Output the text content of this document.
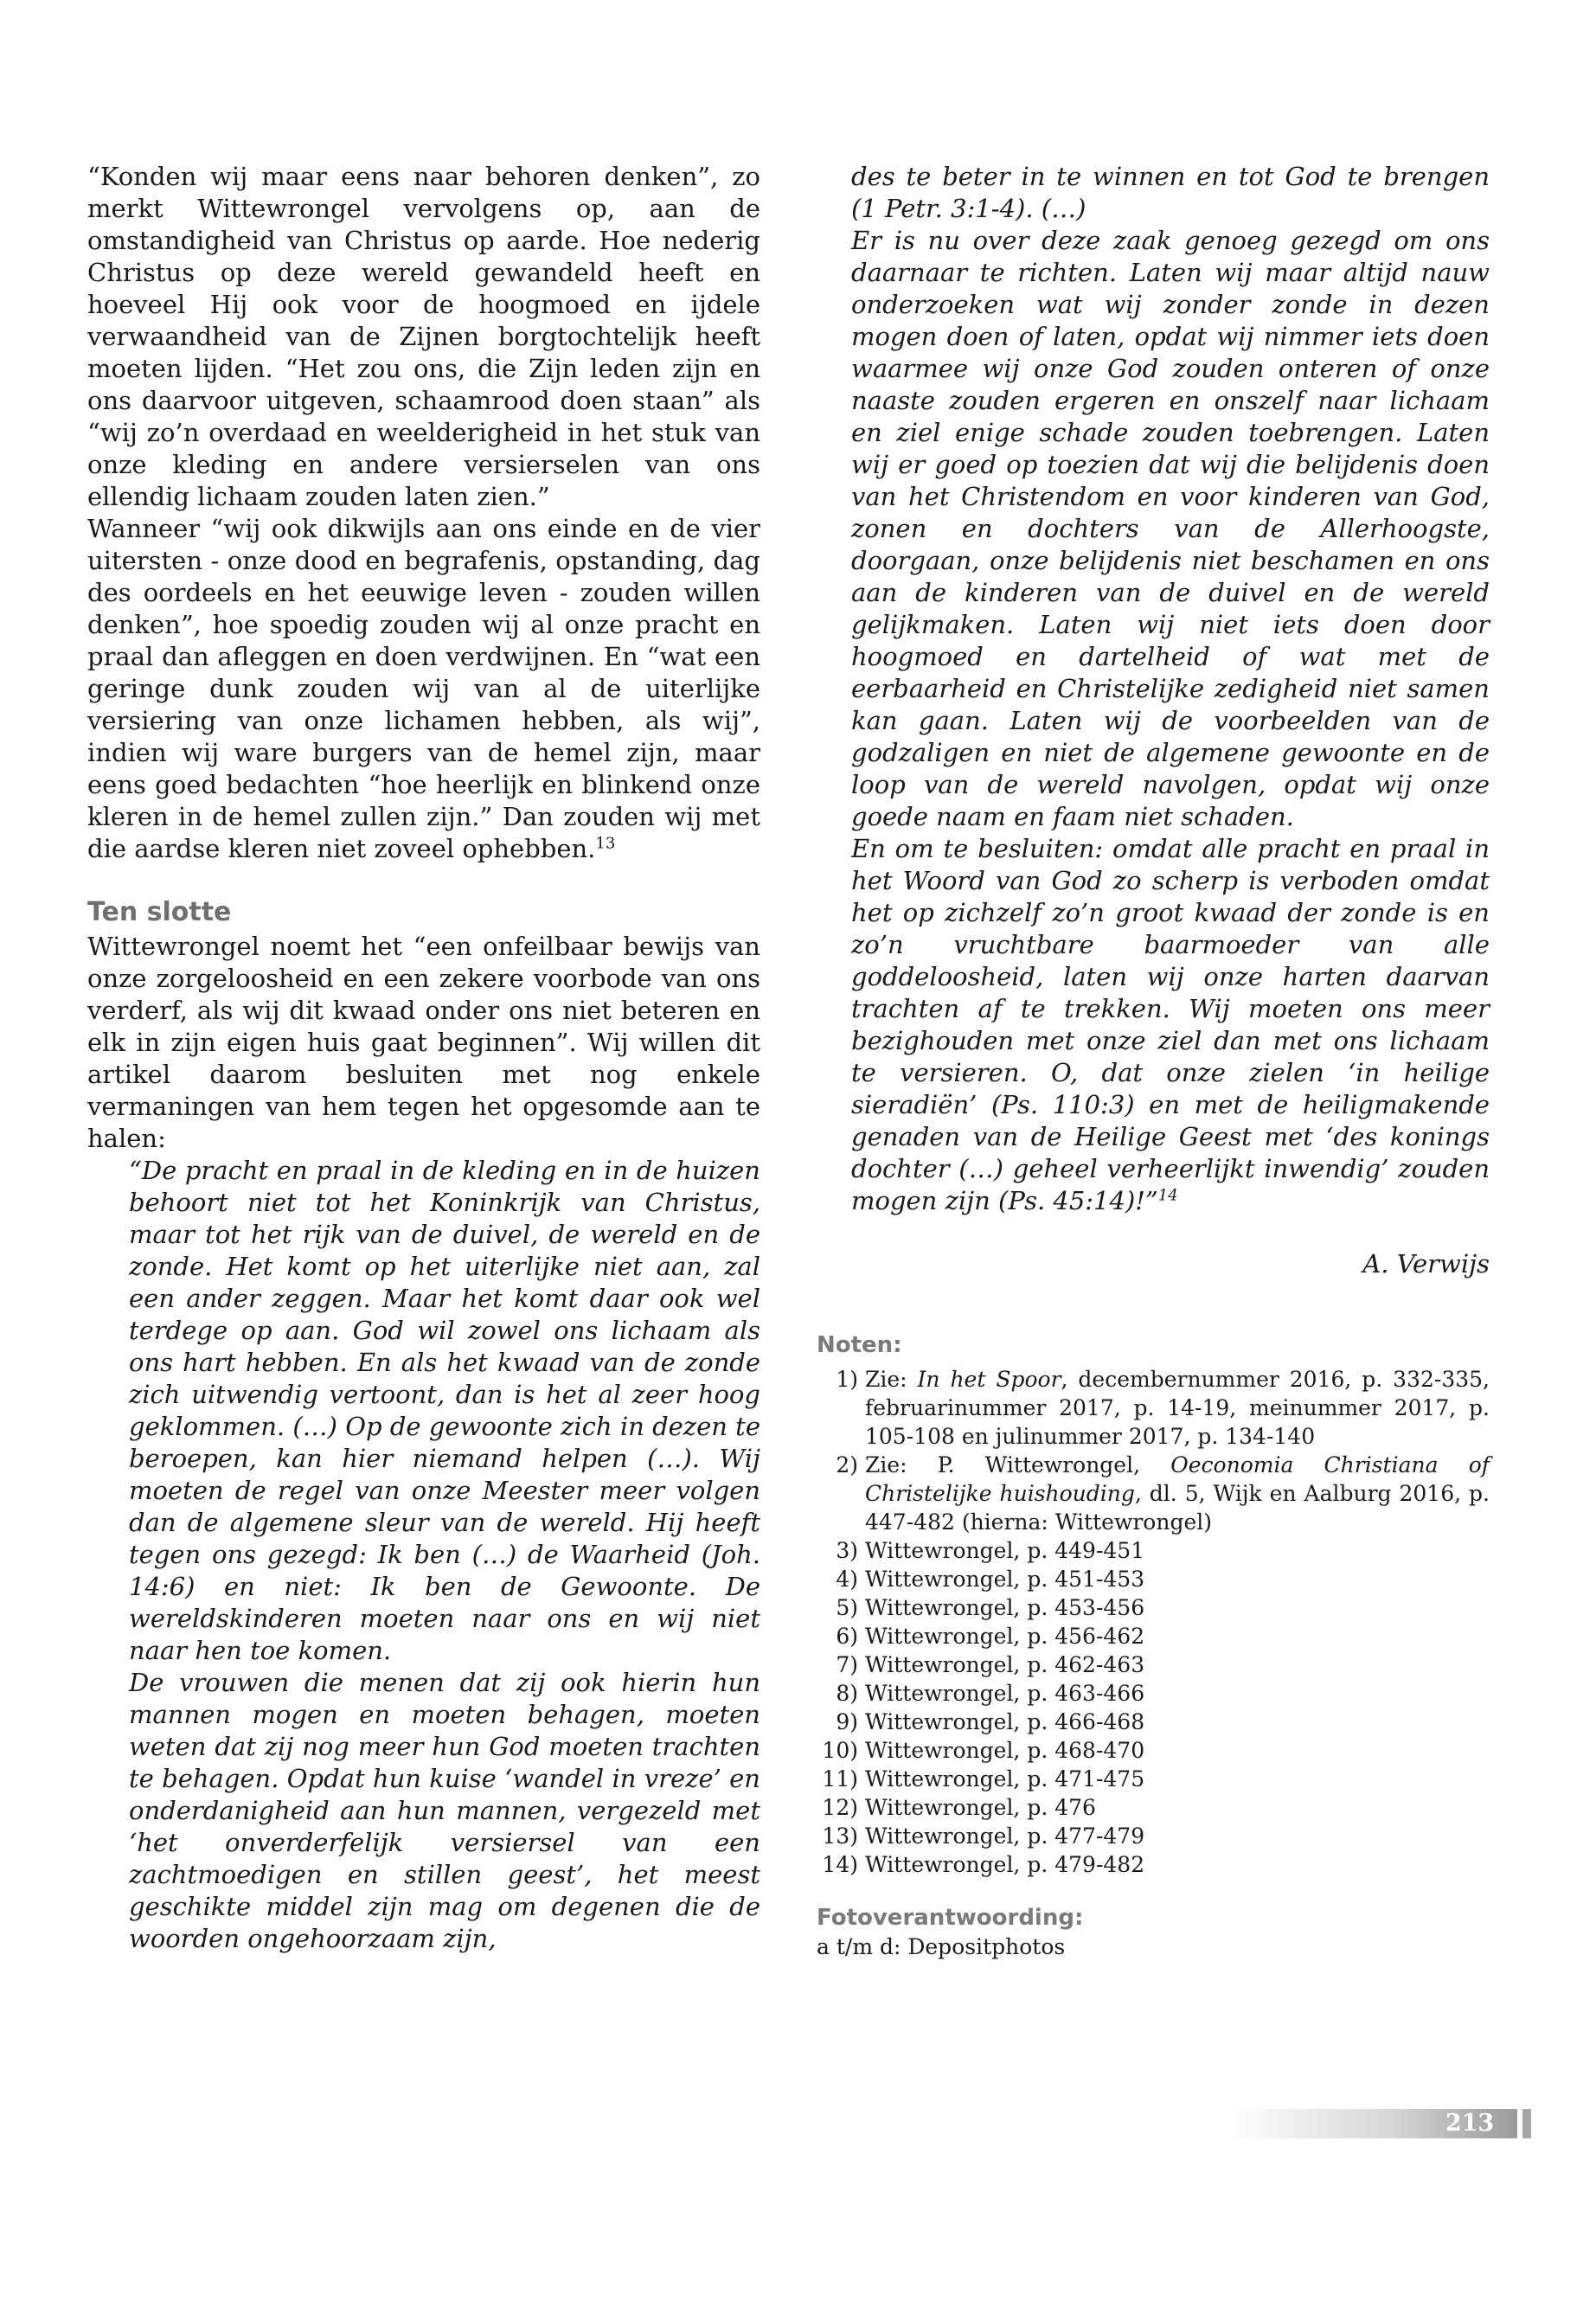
“Konden wij maar eens naar behoren denken”, zo merkt Wittewrongel vervolgens op, aan de omstandigheid van Christus op aarde. Hoe nederig Christus op deze wereld gewandeld heeft en hoeveel Hij ook voor de hoogmoed en ijdele verwaandheid van de Zijnen borgtochtelijk heeft moeten lijden. “Het zou ons, die Zijn leden zijn en ons daarvoor uitgeven, schaamrood doen staan” als “wij zo’n overdaad en weelderigheid in het stuk van onze kleding en andere versierselen van ons ellendig lichaam zouden laten zien.”

Wanneer “wij ook dikwijls aan ons einde en de vier uitersten - onze dood en begrafenis, opstanding, dag des oordeels en het eeuwige leven - zouden willen denken”, hoe spoedig zouden wij al onze pracht en praal dan afleggen en doen verdwijnen. En “wat een geringe dunk zouden wij van al de uiterlijke versiering van onze lichamen hebben, als wij”, indien wij ware burgers van de hemel zijn, maar eens goed bedachten “hoe heerlijk en blinkend onze kleren in de hemel zullen zijn.” Dan zouden wij met die aardse kleren niet zoveel ophebben.$^{13}$

Ten slotte

Wittewrongel noemt het “een onfeilbaar bewijs van onze zorgeloosheid en een zekere voorbode van ons verderf, als wij dit kwaad onder ons niet beteren en elk in zijn eigen huis gaat beginnen”. Wij willen dit artikel daarom besluiten met nog enkele vermaningen van hem tegen het opgesomde aan te halen:

“De pracht en praal in de kleding en in de huizen behoort niet tot het Koninkrijk van Christus, maar tot het rijk van de duivel, de wereld en de zonde. Het komt op het uiterlijke niet aan, zal een ander zeggen. Maar het komt daar ook wel terdege op aan. God wil zowel ons lichaam als ons hart hebben. En als het kwaad van de zonde zich uitwendig vertoont, dan is het al zeer hoog geklommen. (…) Op de gewoonte zich in dezen te beroepen, kan hier niemand helpen (…). Wij moeten de regel van onze Meester meer volgen dan de algemene sleur van de wereld. Hij heeft tegen ons gezegd: Ik ben (…) de Waarheid (Joh. 14:6) en niet: Ik ben de Gewoonte. De wereldskinderen moeten naar ons en wij niet naar hen toe komen.

De vrouwen die menen dat zij ook hierin hun mannen mogen en moeten behagen, moeten weten dat zij nog meer hun God moeten trachten te behagen. Opdat hun kuise ‘wandel in vreze’ en onderdanigheid aan hun mannen, vergezeld met ‘het onverderfelijk versiersel van een zachtmoedigen en stillen geest’, het meest geschikte middel zijn mag om degenen die de woorden ongehoorzaam zijn,

des te beter in te winnen en tot God te brengen (1 Petr. 3:1-4). (…)

Er is nu over deze zaak genoeg gezegd om ons daarnaar te richten. Laten wij maar altijd nauw onderzoeken wat wij zonder zonde in dezen mogen doen of laten, opdat wij nimmer iets doen waarmee wij onze God zouden onteren of onze naaste zouden ergeren en onszelf naar lichaam en ziel enige schade zouden toebrengen. Laten wij er goed op toezien dat wij die belijdenis doen van het Christendom en voor kinderen van God, zonen en dochters van de Allerhoogste, doorgaan, onze belijdenis niet beschamen en ons aan de kinderen van de duivel en de wereld gelijkmaken. Laten wij niet iets doen door hoogmoed en dartelheid of wat met de eerbaarheid en Christelijke zedigheid niet samen kan gaan. Laten wij de voorbeelden van de godzaligen en niet de algemene gewoonte en de loop van de wereld navolgen, opdat wij onze goede naam en faam niet schaden.

En om te besluiten: omdat alle pracht en praal in het Woord van God zo scherp is verboden omdat het op zichzelf zo’n groot kwaad der zonde is en zo’n vruchtbare baarmoeder van alle goddeloosheid, laten wij onze harten daarvan trachten af te trekken. Wij moeten ons meer bezighouden met onze ziel dan met ons lichaam te versieren. O, dat onze zielen ‘in heilige sieradiën’ (Ps. 110:3) en met de heiligmakende genaden van de Heilige Geest met ‘des konings dochter (…) geheel verheerlijkt inwendig’ zouden mogen zijn (Ps. 45:14)!”$^{14}$

A. Verwijs

Noten:
1) Zie: In het Spoor, decembernummer 2016, p. 332-335, februarinummer 2017, p. 14-19, meinummer 2017, p. 105-108 en julinummer 2017, p. 134-140
2) Zie: P. Wittewrongel, Oeconomia Christiana of Christelijke huishouding, dl. 5, Wijk en Aalburg 2016, p. 447-482 (hierna: Wittewrongel)
3) Wittewrongel, p. 449-451
4) Wittewrongel, p. 451-453
5) Wittewrongel, p. 453-456
6) Wittewrongel, p. 456-462
7) Wittewrongel, p. 462-463
8) Wittewrongel, p. 463-466
9) Wittewrongel, p. 466-468
10) Wittewrongel, p. 468-470
11) Wittewrongel, p. 471-475
12) Wittewrongel, p. 476
13) Wittewrongel, p. 477-479
14) Wittewrongel, p. 479-482
Fotoverantwoording:
a t/m d: Depositphotos
213
